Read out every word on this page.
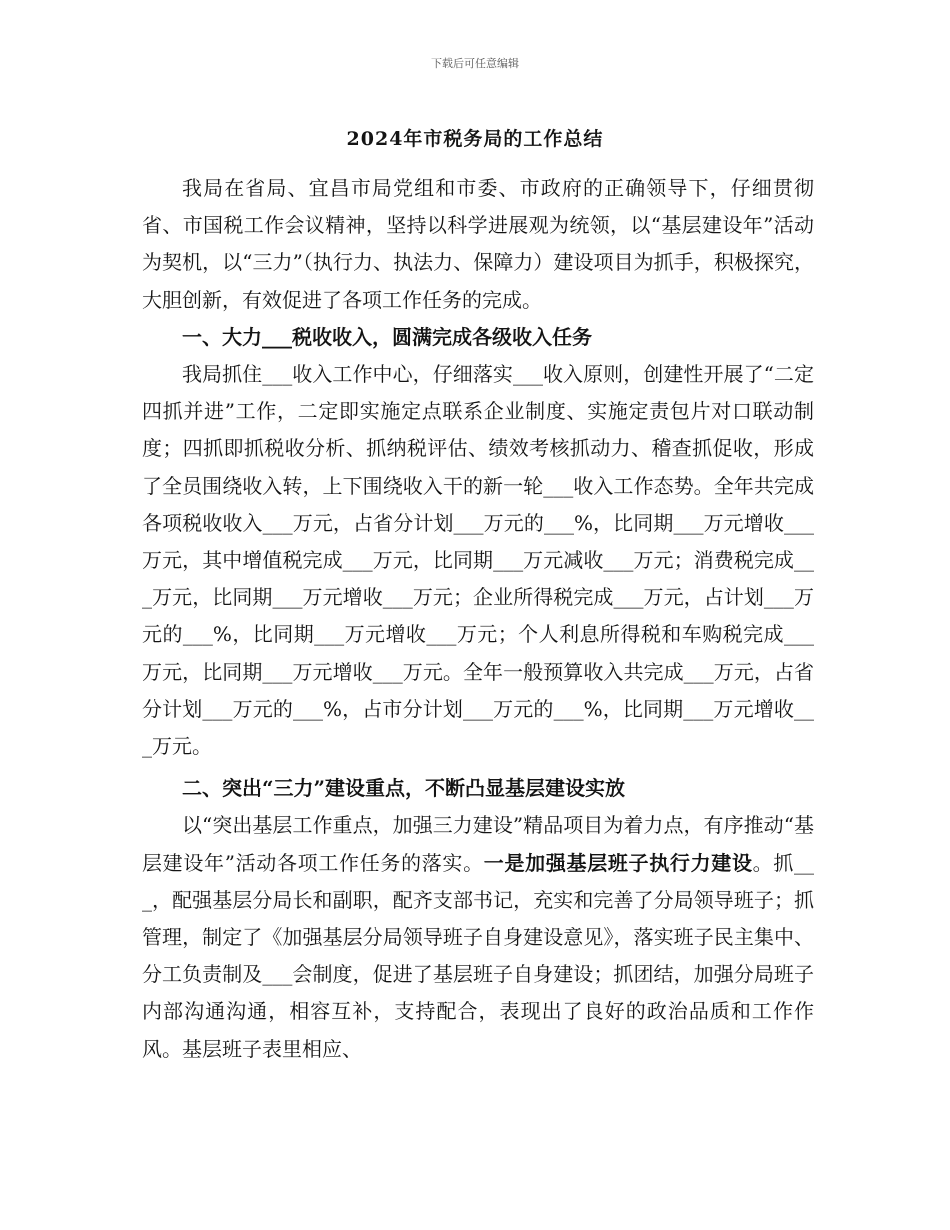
下载后可任意编辑
2024年市税务局的工作总结

我局在省局、宜昌市局党组和市委、市政府的正确领导下，仔细贯彻省、市国税工作会议精神，坚持以科学进展观为统领，以“基层建设年”活动为契机，以“三力”（执行力、执法力、保障力）建设项目为抓手，积极探究，大胆创新，有效促进了各项工作任务的完成。

一、大力___税收收入，圆满完成各级收入任务

我局抓住___收入工作中心，仔细落实___收入原则，创建性开展了“二定四抓并进”工作，二定即实施定点联系企业制度、实施定责包片对口联动制度；四抓即抓税收分析、抓纳税评估、绩效考核抓动力、稽查抓促收，形成了全员围绕收入转，上下围绕收入干的新一轮___收入工作态势。全年共完成各项税收收入___万元，占省分计划___万元的___%，比同期___万元增收___万元，其中增值税完成___万元，比同期___万元减收___万元；消费税完成___万元，比同期___万元增收___万元；企业所得税完成___万元，占计划___万元的___%，比同期___万元增收___万元；个人利息所得税和车购税完成___万元，比同期___万元增收___万元。全年一般预算收入共完成___万元，占省分计划___万元的___%，占市分计划___万元的___%，比同期___万元增收___万元。

二、突出“三力”建设重点，不断凸显基层建设实放

以“突出基层工作重点，加强三力建设”精品项目为着力点，有序推动“基层建设年”活动各项工作任务的落实。一是加强基层班子执行力建设。抓___，配强基层分局长和副职，配齐支部书记，充实和完善了分局领导班子；抓管理，制定了《加强基层分局领导班子自身建设意见》，落实班子民主集中、分工负责制及___会制度，促进了基层班子自身建设；抓团结，加强分局班子内部沟通沟通，相容互补，支持配合，表现出了良好的政治品质和工作作风。基层班子表里相应、
